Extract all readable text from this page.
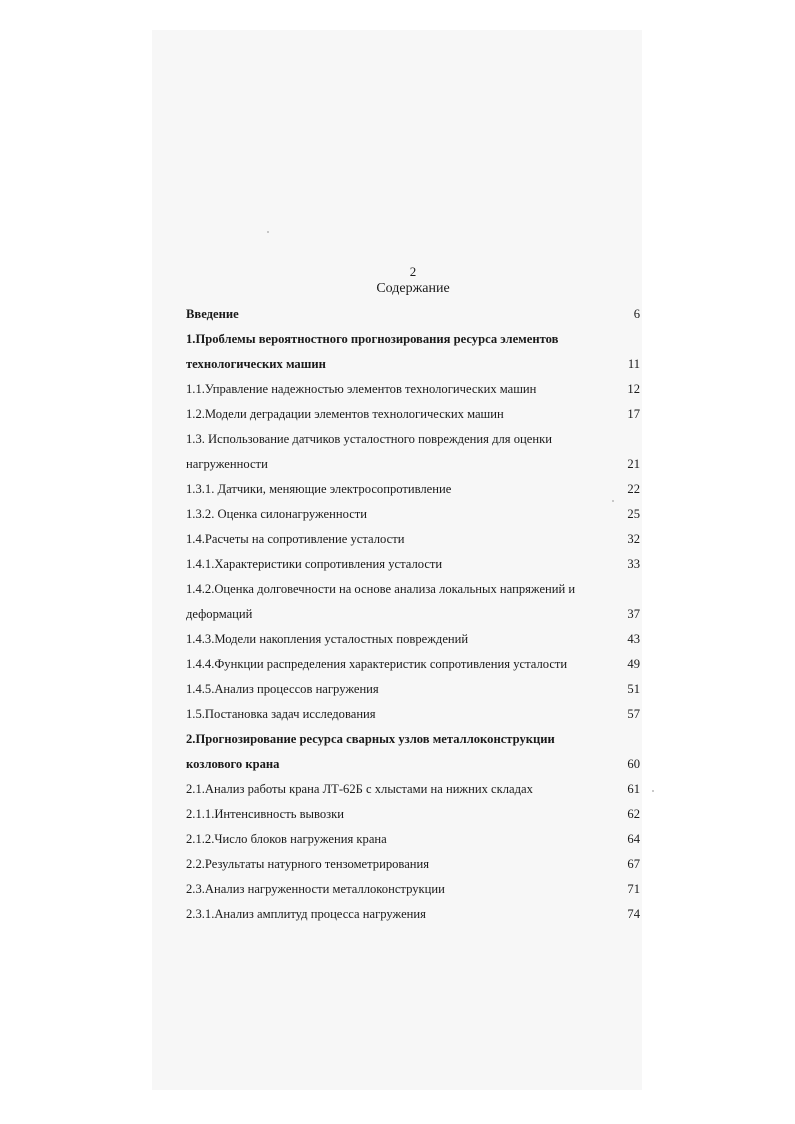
2
Содержание
Введение	6
1.Проблемы вероятностного прогнозирования ресурса элементов
технологических машин	11
1.1.Управление надежностью элементов технологических машин	12
1.2.Модели деградации элементов технологических машин	17
1.3. Использование датчиков усталостного повреждения для оценки
нагруженности	21
1.3.1. Датчики, меняющие электросопротивление	22
1.3.2. Оценка силонагруженности	25
1.4.Расчеты на сопротивление усталости	32
1.4.1.Характеристики сопротивления усталости	33
1.4.2.Оценка долговечности на основе анализа локальных напряжений и
деформаций	37
1.4.3.Модели накопления усталостных повреждений	43
1.4.4.Функции распределения характеристик сопротивления усталости	49
1.4.5.Анализ процессов нагружения	51
1.5.Постановка задач исследования	57
2.Прогнозирование ресурса сварных узлов металлоконструкции
козлового крана	60
2.1.Анализ работы крана ЛТ-62Б с хлыстами на нижних складах	61
2.1.1.Интенсивность вывозки	62
2.1.2.Число блоков нагружения крана	64
2.2.Результаты натурного тензометрирования	67
2.3.Анализ нагруженности металлоконструкции	71
2.3.1.Анализ амплитуд процесса нагружения	74
